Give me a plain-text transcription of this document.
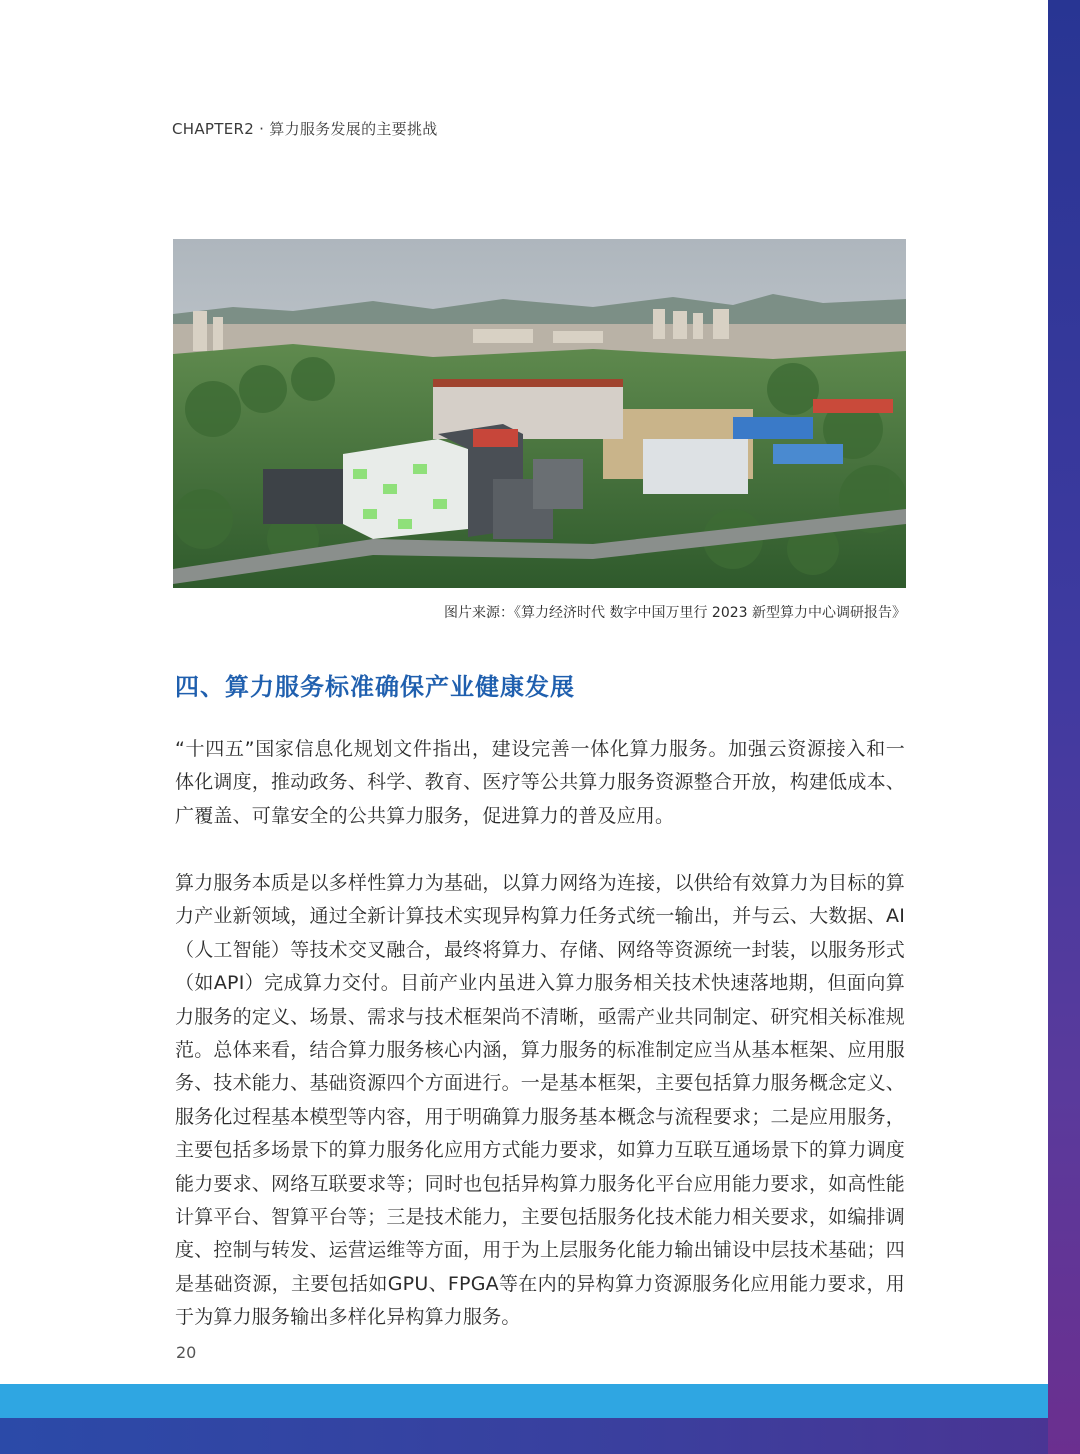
CHAPTER2 · 算力服务发展的主要挑战
图片来源：《算力经济时代 数字中国万里行 2023 新型算力中心调研报告》
四、算力服务标准确保产业健康发展
“十四五”国家信息化规划文件指出，建设完善一体化算力服务。加强云资源接入和一体化调度，推动政务、科学、教育、医疗等公共算力服务资源整合开放，构建低成本、广覆盖、可靠安全的公共算力服务，促进算力的普及应用。
算力服务本质是以多样性算力为基础，以算力网络为连接，以供给有效算力为目标的算力产业新领域，通过全新计算技术实现异构算力任务式统一输出，并与云、大数据、AI（人工智能）等技术交叉融合，最终将算力、存储、网络等资源统一封装，以服务形式（如API）完成算力交付。目前产业内虽进入算力服务相关技术快速落地期，但面向算力服务的定义、场景、需求与技术框架尚不清晰，亟需产业共同制定、研究相关标准规范。总体来看，结合算力服务核心内涵，算力服务的标准制定应当从基本框架、应用服务、技术能力、基础资源四个方面进行。一是基本框架，主要包括算力服务概念定义、服务化过程基本模型等内容，用于明确算力服务基本概念与流程要求；二是应用服务，主要包括多场景下的算力服务化应用方式能力要求，如算力互联互通场景下的算力调度能力要求、网络互联要求等；同时也包括异构算力服务化平台应用能力要求，如高性能计算平台、智算平台等；三是技术能力，主要包括服务化技术能力相关要求，如编排调度、控制与转发、运营运维等方面，用于为上层服务化能力输出铺设中层技术基础；四是基础资源，主要包括如GPU、FPGA等在内的异构算力资源服务化应用能力要求，用于为算力服务输出多样化异构算力服务。
20
